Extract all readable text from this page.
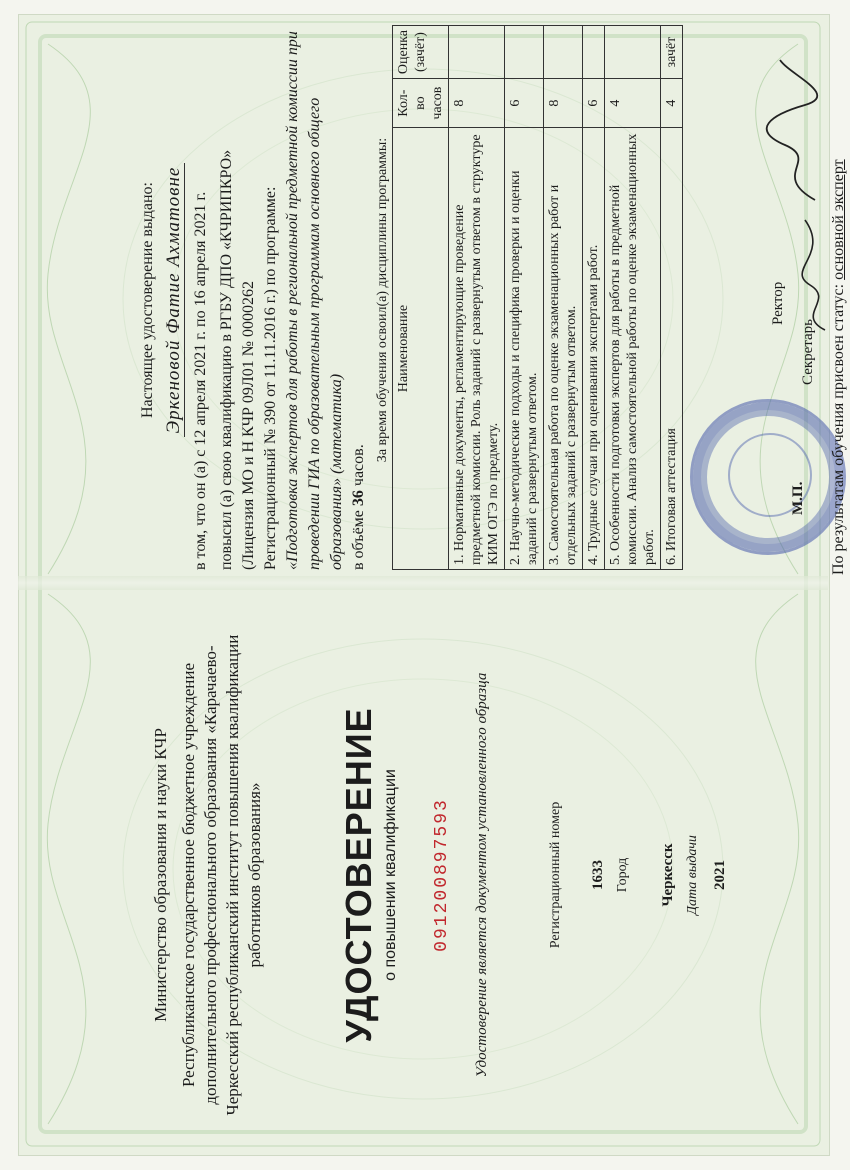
Министерство образования и науки КЧР Республиканское государственное бюджетное учреждение дополнительного профессионального образования «Карачаево-Черкесский республиканский институт повышения квалификации работников образования» УДОСТОВЕРЕНИЕ о повышении квалификации 091200897593 Удостоверение является документом установленного образца	Регистрационный номер 1633 Город Черкесск Дата выдачи 2021
Настоящее удостоверение выдано: Эркеновой Фатие Ахматовне в том, что он (а) с 12 апреля 2021 г. по 16 апреля 2021 г. повысил (а) свою квалификацию в РГБУ ДПО «КЧРИПКРО» (Лицензия МО и Н КЧР 09Л01 № 0000262 Регистрационный № 390 от 11.11.2016 г.) по программе: «Подготовка экспертов для работы в региональной предметной комиссии при проведении ГИА по образовательным программам основного общего образования» (математика) в объёме 36 часов.
За время обучения освоил(а) дисциплины программы: Наименование	Кол-во часов	Оценка (зачёт)
1. Нормативные документы, регламентирующие проведение предметной комиссии. Роль заданий с развернутым ответом в структуре КИМ ОГЭ по предмету.	8	
2. Научно-методические подходы и специфика проверки и оценки заданий с развернутым ответом.	6	
3. Самостоятельная работа по оценке экзаменационных работ и отдельных заданий с развернутым ответом.	8	
4. Трудные случаи при оценивании экспертами работ.	6	
5. Особенности подготовки экспертов для работы в предметной комиссии. Анализ самостоятельной работы по оценке экзаменационных работ.	4	
6. Итоговая аттестация	4	зачёт
Ректор
Секретарь
М.П. По результатам обучения присвоен статус: основной эксперт
